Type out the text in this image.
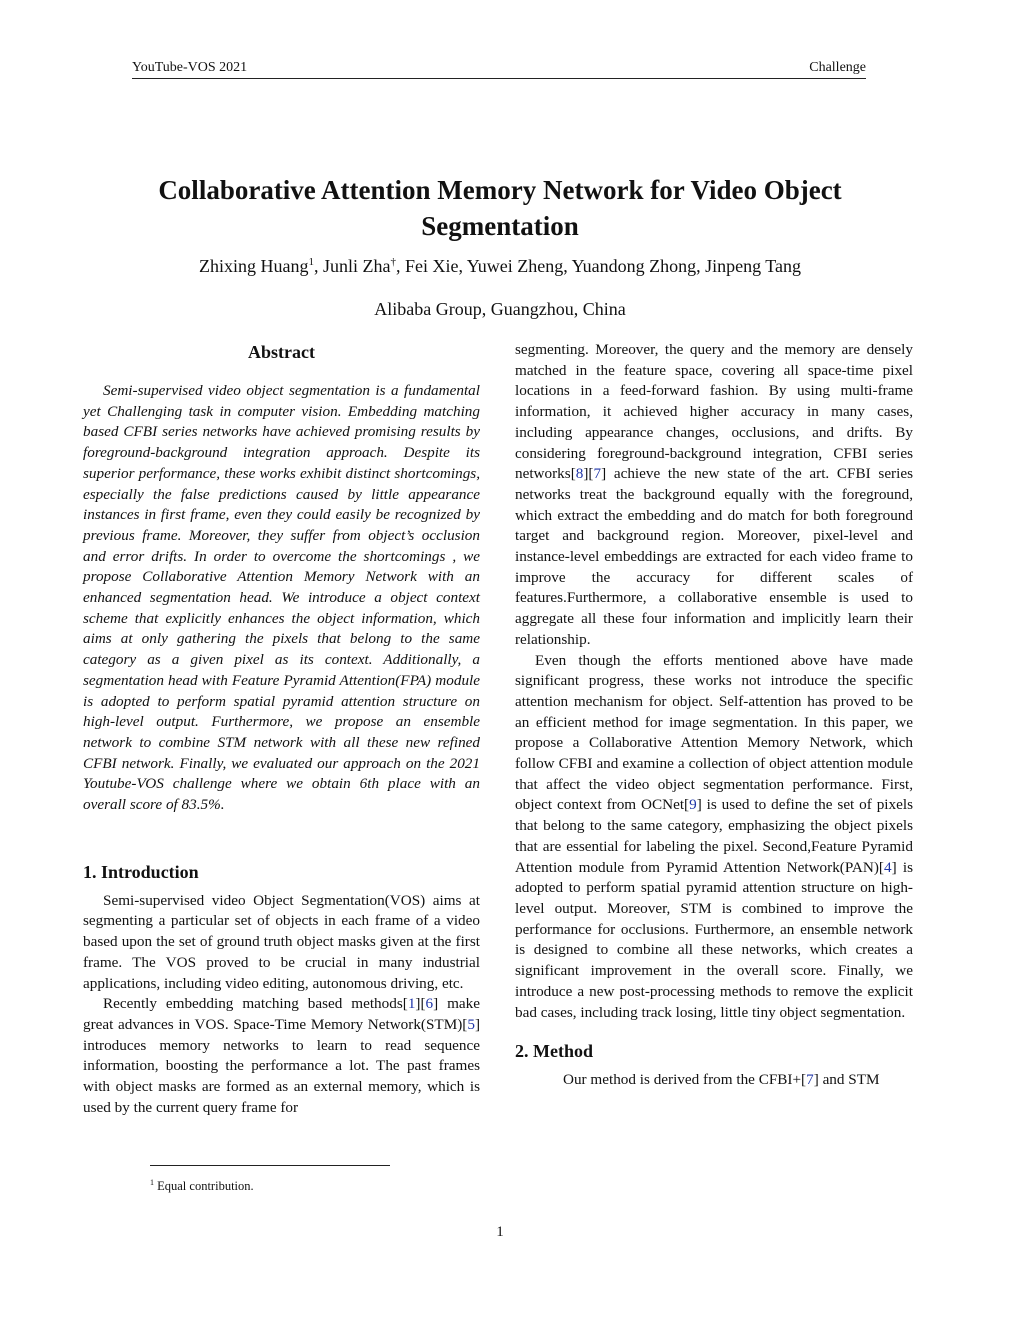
YouTube-VOS 2021	Challenge
Collaborative Attention Memory Network for Video Object Segmentation
Zhixing Huang$^1$, Junli Zha†, Fei Xie, Yuwei Zheng, Yuandong Zhong, Jinpeng Tang
Alibaba Group, Guangzhou, China
Abstract

Semi-supervised video object segmentation is a fundamental yet Challenging task in computer vision. Embedding matching based CFBI series networks have achieved promising results by foreground-background integration approach. Despite its superior performance, these works exhibit distinct shortcomings, especially the false predictions caused by little appearance instances in first frame, even they could easily be recognized by previous frame. Moreover, they suffer from object’s occlusion and error drifts. In order to overcome the shortcomings , we propose Collaborative Attention Memory Network with an enhanced segmentation head. We introduce a object context scheme that explicitly enhances the object information, which aims at only gathering the pixels that belong to the same category as a given pixel as its context. Additionally, a segmentation head with Feature Pyramid Attention(FPA) module is adopted to perform spatial pyramid attention structure on high-level output. Furthermore, we propose an ensemble network to combine STM network with all these new refined CFBI network. Finally, we evaluated our approach on the 2021 Youtube-VOS challenge where we obtain 6th place with an overall score of 83.5%.

1. Introduction

Semi-supervised video Object Segmentation(VOS) aims at segmenting a particular set of objects in each frame of a video based upon the set of ground truth object masks given at the first frame. The VOS proved to be crucial in many industrial applications, including video editing, autonomous driving, etc.

Recently embedding matching based methods[1][6] make great advances in VOS. Space-Time Memory Network(STM)[5] introduces memory networks to learn to read sequence information, boosting the performance a lot. The past frames with object masks are formed as an external memory, which is used by the current query frame for

segmenting. Moreover, the query and the memory are densely matched in the feature space, covering all space-time pixel locations in a feed-forward fashion. By using multi-frame information, it achieved higher accuracy in many cases, including appearance changes, occlusions, and drifts. By considering foreground-background integration, CFBI series networks[8][7] achieve the new state of the art. CFBI series networks treat the background equally with the foreground, which extract the embedding and do match for both foreground target and background region. Moreover, pixel-level and instance-level embeddings are extracted for each video frame to improve the accuracy for different scales of features.Furthermore, a collaborative ensemble is used to aggregate all these four information and implicitly learn their relationship.

Even though the efforts mentioned above have made significant progress, these works not introduce the specific attention mechanism for object. Self-attention has proved to be an efficient method for image segmentation. In this paper, we propose a Collaborative Attention Memory Network, which follow CFBI and examine a collection of object attention module that affect the video object segmentation performance. First, object context from OCNet[9] is used to define the set of pixels that belong to the same category, emphasizing the object pixels that are essential for labeling the pixel. Second,Feature Pyramid Attention module from Pyramid Attention Network(PAN)[4] is adopted to perform spatial pyramid attention structure on high-level output. Moreover, STM is combined to improve the performance for occlusions. Furthermore, an ensemble network is designed to combine all these networks, which creates a significant improvement in the overall score. Finally, we introduce a new post-processing methods to remove the explicit bad cases, including track losing, little tiny object segmentation.

2. Method

Our method is derived from the CFBI+[7] and STM

$^1$ Equal contribution.
1
